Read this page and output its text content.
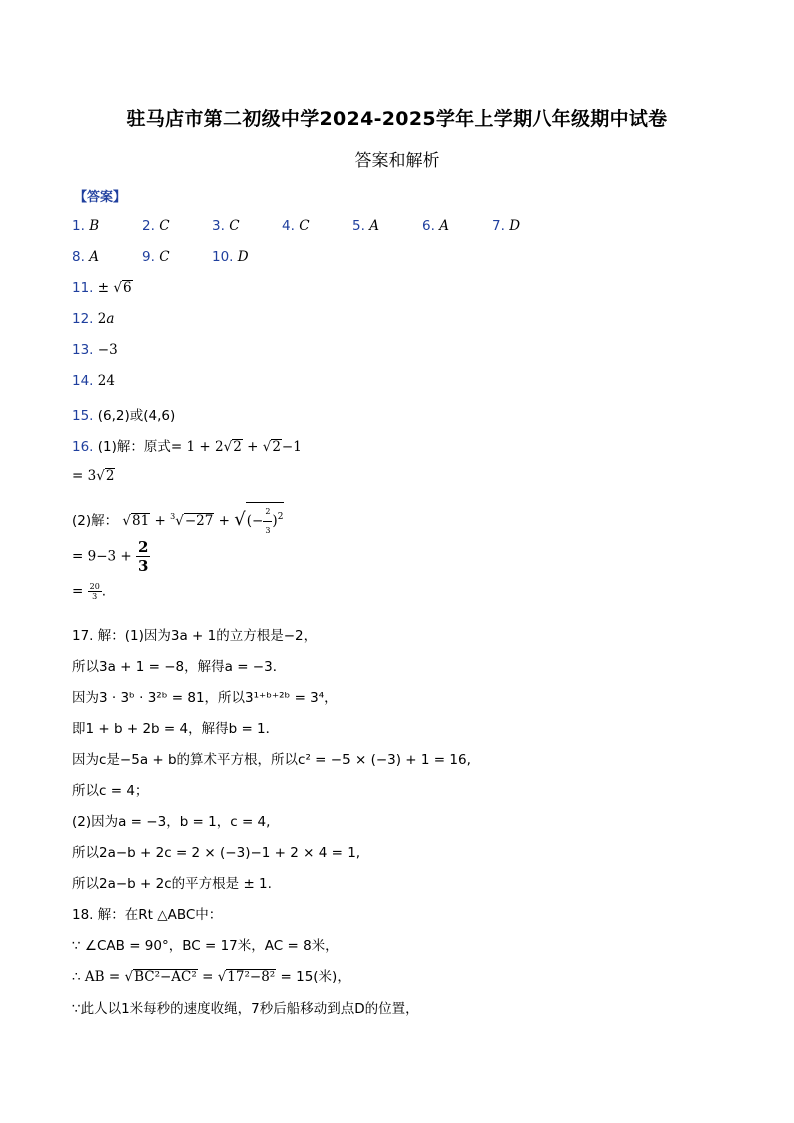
驻马店市第二初级中学2024-2025学年上学期八年级期中试卷
答案和解析
【答案】
1. B	2. C	3. C	4. C	5. A	6. A	7. D
8. A	9. C	10. D
11. ± √6
12. 2a
13. −3
14. 24
15. (6,2)或(4,6)
16. (1)解：原式= 1 + 2√2 + √2−1
= 3√2
(2)解： √81 + $^3$√−27 + √(− $\frac{2}{3} )^2$
= $9-3 + \frac{2}{3}$
= $\frac{20}{3}$ .
17. 解：(1)因为3a + 1的立方根是−2，
所以3a + 1 = −8，解得a = −3．
因为3 · 3ᵇ · 3²ᵇ = 81，所以3¹⁺ᵇ⁺²ᵇ = 3⁴，
即1 + b + 2b = 4，解得b = 1．
因为c是−5a + b的算术平方根，所以c² = −5 × (−3) + 1 = 16,
所以c = 4；
(2)因为a = −3，b = 1，c = 4,
所以2a−b + 2c = 2 × (−3)−1 + 2 × 4 = 1,
所以2a−b + 2c的平方根是 ± 1.
18. 解：在Rt △ABC中：
∵ ∠CAB = 90°，BC = 17米，AC = 8米，
∴ AB = √BC²−AC² = √17²−8² = 15(米)，
∵此人以1米每秒的速度收绳，7秒后船移动到点D的位置，
